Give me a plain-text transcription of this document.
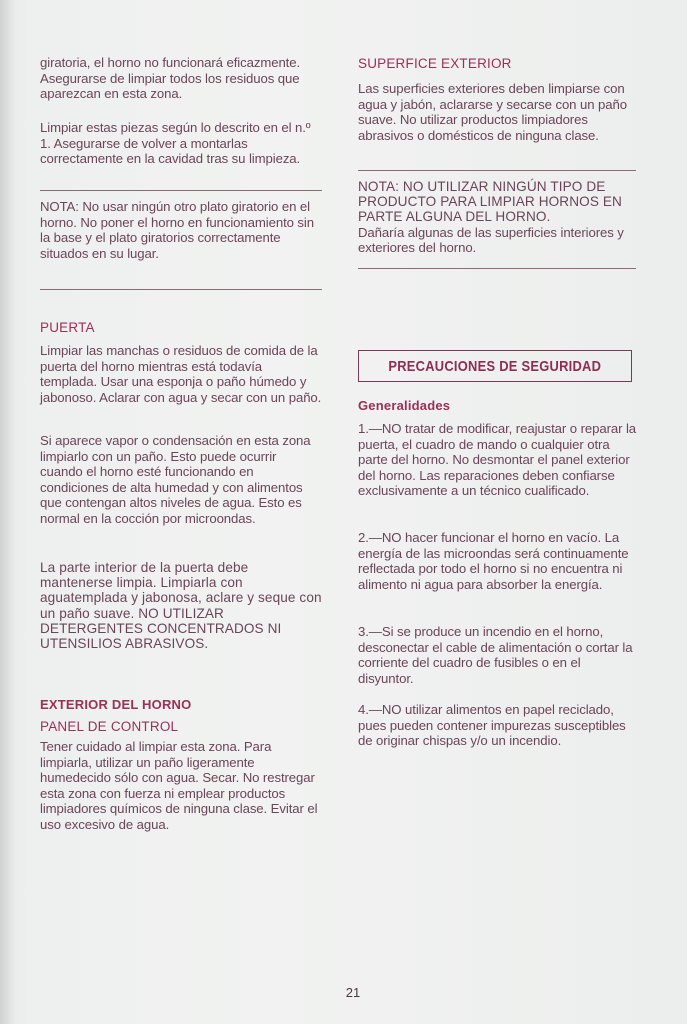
giratoria, el horno no funcionará eficazmente. Asegurarse de limpiar todos los residuos que aparezcan en esta zona.

Limpiar estas piezas según lo descrito en el n.º 1. Asegurarse de volver a montarlas correctamente en la cavidad tras su limpieza.

NOTA: No usar ningún otro plato giratorio en el horno. No poner el horno en funcionamiento sin la base y el plato giratorios correctamente situados en su lugar.

PUERTA

Limpiar las manchas o residuos de comida de la puerta del horno mientras está todavía templada. Usar una esponja o paño húmedo y jabonoso. Aclarar con agua y secar con un paño.

Si aparece vapor o condensación en esta zona limpiarlo con un paño. Esto puede ocurrir cuando el horno esté funcionando en condiciones de alta humedad y con alimentos que contengan altos niveles de agua. Esto es normal en la cocción por microondas.

La parte interior de la puerta debe mantenerse limpia. Limpiarla con aguatemplada y jabonosa, aclare y seque con un paño suave. NO UTILIZAR DETERGENTES CONCENTRADOS NI UTENSILIOS ABRASIVOS.

EXTERIOR DEL HORNO
PANEL DE CONTROL

Tener cuidado al limpiar esta zona. Para limpiarla, utilizar un paño ligeramente humedecido sólo con agua. Secar. No restregar esta zona con fuerza ni emplear productos limpiadores químicos de ninguna clase. Evitar el uso excesivo de agua.

SUPERFICE EXTERIOR

Las superficies exteriores deben limpiarse con agua y jabón, aclararse y secarse con un paño suave. No utilizar productos limpiadores abrasivos o domésticos de ninguna clase.

NOTA: NO UTILIZAR NINGÚN TIPO DE PRODUCTO PARA LIMPIAR HORNOS EN PARTE ALGUNA DEL HORNO.

Dañaría algunas de las superficies interiores y exteriores del horno.

Generalidades

1.—NO tratar de modificar, reajustar o reparar la puerta, el cuadro de mando o cualquier otra parte del horno. No desmontar el panel exterior del horno. Las reparaciones deben confiarse exclusivamente a un técnico cualificado.

2.—NO hacer funcionar el horno en vacío. La energía de las microondas será continuamente reflectada por todo el horno si no encuentra ni alimento ni agua para absorber la energía.

3.—Si se produce un incendio en el horno, desconectar el cable de alimentación o cortar la corriente del cuadro de fusibles o en el disyuntor.

4.—NO utilizar alimentos en papel reciclado, pues pueden contener impurezas susceptibles de originar chispas y/o un incendio.

PRECAUCIONES DE SEGURIDAD
21
